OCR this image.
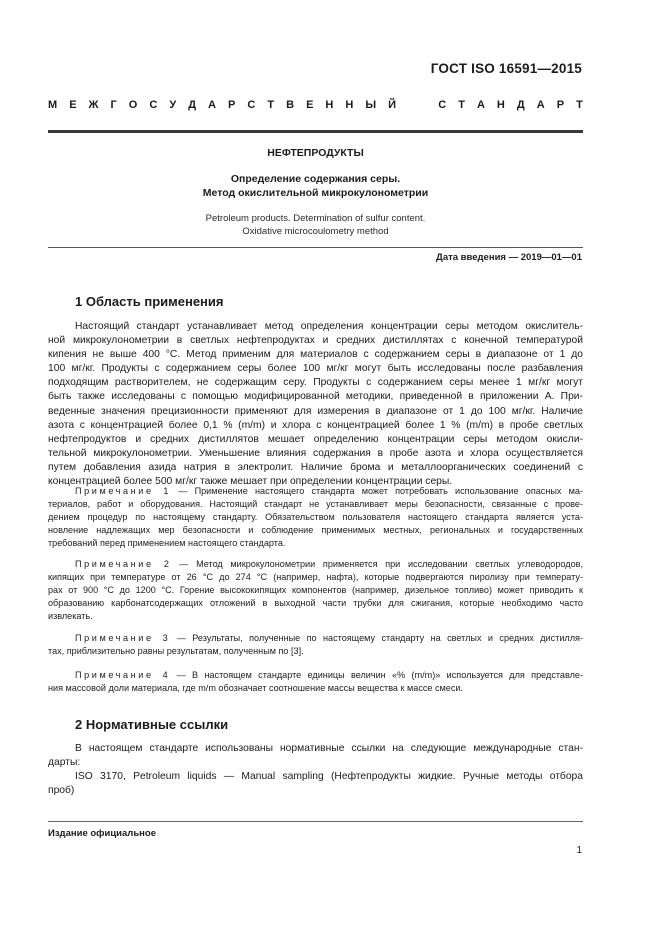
ГОСТ ISO 16591—2015
М Е Ж Г О С У Д А Р С Т В Е Н Н Ы Й

	С Т А Н Д А Р Т
НЕФТЕПРОДУКТЫ
Определение содержания серы.
Метод окислительной микрокулонометрии
Petroleum products. Determination of sulfur content.
Oxidative microcoulometry method
Дата введения — 2019—01—01
1 Область применения
Настоящий стандарт устанавливает метод определения концентрации серы методом окислитель-
ной микрокулонометрии в светлых нефтепродуктах и средних дистиллятах с конечной температурой
кипения не выше 400 °С. Метод применим для материалов с содержанием серы в диапазоне от 1 до
100 мг/кг. Продукты с содержанием серы более 100 мг/кг могут быть исследованы после разбавления
подходящим растворителем, не содержащим серу. Продукты с содержанием серы менее 1 мг/кг могут
быть также исследованы с помощью модифицированной методики, приведенной в приложении А. При-
веденные значения прецизионности применяют для измерения в диапазоне от 1 до 100 мг/кг. Наличие
азота с концентрацией более 0,1 % (m/m) и хлора с концентрацией более 1 % (m/m) в пробе светлых
нефтепродуктов и средних дистиллятов мешает определению концентрации серы методом окисли-
тельной микрокулонометрии. Уменьшение влияния содержания в пробе азота и хлора осуществляется
путем добавления азида натрия в электролит. Наличие брома и металлоорганических соединений с
концентрацией более 500 мг/кг также мешает при определении концентрации серы.
Примечание 1 — Применение настоящего стандарта может потребовать использование опасных ма-
териалов, работ и оборудования. Настоящий стандарт не устанавливает меры безопасности, связанные с прове-
дением процедур по настоящему стандарту. Обязательством пользователя настоящего стандарта является уста-
новление надлежащих мер безопасности и соблюдение применимых местных, региональных и государственных
требований перед применением настоящего стандарта.
Примечание 2 — Метод микрокулонометрии применяется при исследовании светлых углеводородов,
кипящих при температуре от 26 °С до 274 °С (например, нафта), которые подвергаются пиролизу при температу-
рах от 900 °С до 1200 °С. Горение высококипящих компонентов (например, дизельное топливо) может приводить к
образованию карбонатсодержащих отложений в выходной части трубки для сжигания, которые необходимо часто
извлекать.
Примечание 3 — Результаты, полученные по настоящему стандарту на светлых и средних дистилля-
тах, приблизительно равны результатам, полученным по [3].
Примечание 4 — В настоящем стандарте единицы величин «% (m/m)» используется для представле-
ния массовой доли материала, где m/m обозначает соотношение массы вещества к массе смеси.
2 Нормативные ссылки
В настоящем стандарте использованы нормативные ссылки на следующие международные стан-
дарты:
ISO 3170, Petroleum liquids — Manual sampling (Нефтепродукты жидкие. Ручные методы отбора
проб)
Издание официальное
1
